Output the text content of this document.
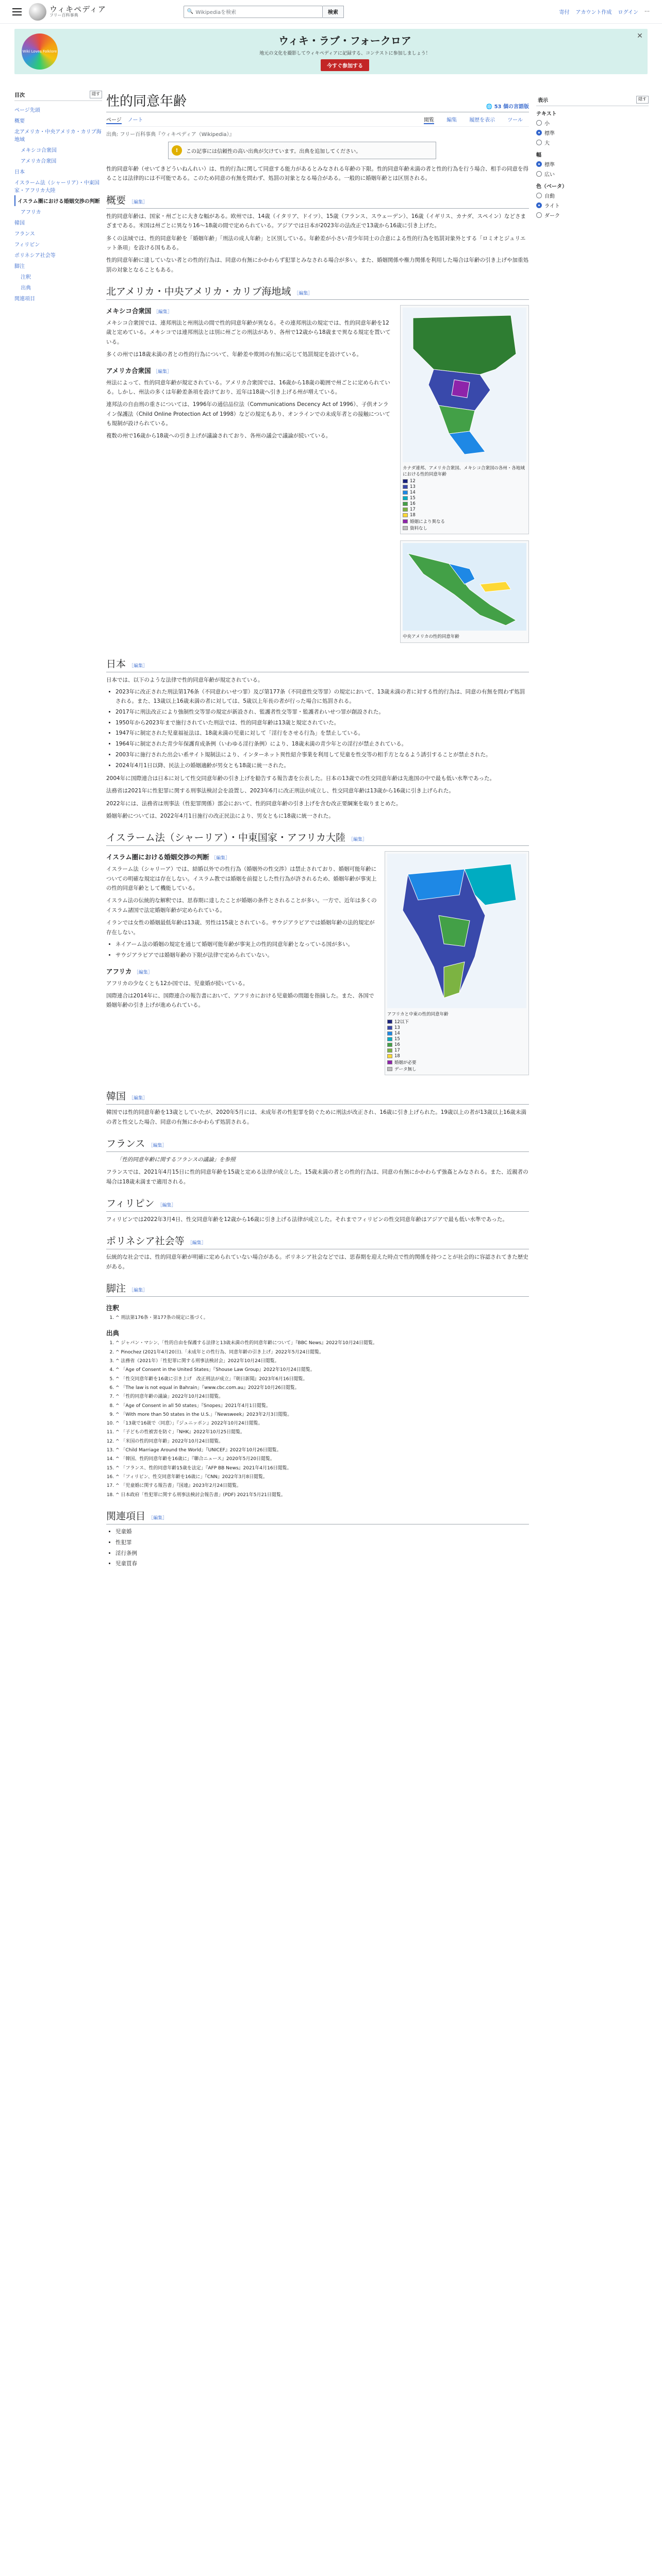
ウィキペディア
フリー百科事典
🔍 Wikipediaを検索	検索	寄付 アカウント作成 ログイン ⋯
Wiki Loves Folklore
ウィキ・ラブ・フォークロア

地元の文化を撮影してウィキペディアに記録する、コンテストに参加しましょう！

今すぐ参加する
✕
目次	隠す
ページ先頭
概要
北アメリカ・中央アメリカ・カリブ海地域
メキシコ合衆国
アメリカ合衆国
日本
イスラーム法（シャーリア）・中東国家・アフリカ大陸
イスラム圏における婚姻交渉の判断
アフリカ
韓国
フランス
フィリピン
ポリネシア社会等
脚注
注釈
出典
関連項目
性的同意年齢	🌐 53 個の言語版
ページ ノート	閲覧 編集 履歴を表示 ツール
出典: フリー百科事典『ウィキペディア（Wikipedia）』
!	この記事には信頼性の高い出典が欠けています。出典を追加してください。

性的同意年齢（せいてきどういねんれい）は、性的行為に関して同意する能力があるとみなされる年齢の下限。性的同意年齢未満の者と性的行為を行う場合、相手の同意を得ることは法律的には不可能である。このため同意の有無を問わず、処罰の対象となる場合がある。一般的に婚姻年齢とは区別される。

概要 ［編集］

性的同意年齢は、国家・州ごとに大きな幅がある。欧州では、14歳（イタリア、ドイツ）、15歳（フランス、スウェーデン）、16歳（イギリス、カナダ、スペイン）などさまざまである。米国は州ごとに異なり16〜18歳の間で定められている。アジアでは日本が2023年の法改正で13歳から16歳に引き上げた。

多くの法域では、性的同意年齢を「婚姻年齢」「刑法の成人年齢」と区別している。年齢差が小さい青少年同士の合意による性的行為を処罰対象外とする「ロミオとジュリエット条項」を設ける国もある。

性的同意年齢に達していない者との性的行為は、同意の有無にかかわらず犯罪とみなされる場合が多い。また、婚姻関係や権力関係を利用した場合は年齢の引き上げや加重処罰の対象となることもある。

北アメリカ・中央アメリカ・カリブ海地域 ［編集］
カナダ連邦、アメリカ合衆国、メキシコ合衆国の各州・各地域における性的同意年齢
12
13
14
15
16
17
18
婚姻により異なる
資料なし
メキシコ合衆国 ［編集］

メキシコ合衆国では、連邦刑法と州刑法の間で性的同意年齢が異なる。その連邦刑法の規定では、性的同意年齢を12歳と定めている。メキシコでは連邦刑法とは別に州ごとの刑法があり、各州で12歳から18歳まで異なる規定を置いている。

多くの州では18歳未満の者との性的行為について、年齢差や欺罔の有無に応じて処罰規定を設けている。

アメリカ合衆国 ［編集］

州法によって、性的同意年齢が規定されている。アメリカ合衆国では、16歳から18歳の範囲で州ごとに定められている。しかし、州法の多くは年齢差条項を設けており、近年は18歳へ引き上げる州が増えている。

連邦法の自由刑の重さについては、1996年の通信品位法（Communications Decency Act of 1996）、子供オンライン保護法（Child Online Protection Act of 1998）などの規定もあり、オンラインでの未成年者との接触についても規制が設けられている。

複数の州で16歳から18歳への引き上げが議論されており、各州の議会で議論が続いている。

中央アメリカの性的同意年齢
日本 ［編集］

日本では、以下のような法律で性的同意年齢が規定されている。

• 2023年に改正された刑法第176条（不同意わいせつ罪）及び第177条（不同意性交等罪）の規定において、13歳未満の者に対する性的行為は、同意の有無を問わず処罰される。また、13歳以上16歳未満の者に対しては、5歳以上年長の者が行った場合に処罰される。
• 2017年に刑法改正により強制性交等罪の規定が新設され、監護者性交等罪・監護者わいせつ罪が創設された。
• 1950年から2023年まで施行されていた刑法では、性的同意年齢は13歳と規定されていた。
• 1947年に制定された児童福祉法は、18歳未満の児童に対して「淫行をさせる行為」を禁止している。
• 1964年に制定された青少年保護育成条例（いわゆる淫行条例）により、18歳未満の青少年との淫行が禁止されている。
• 2003年に施行された出会い系サイト規制法により、インターネット異性紹介事業を利用して児童を性交等の相手方となるよう誘引することが禁止された。
• 2024年4月1日以降、民法上の婚姻適齢が男女とも18歳に統一された。

2004年に国際連合は日本に対して性交同意年齢の引き上げを勧告する報告書を公表した。日本の13歳での性交同意年齢は先進国の中で最も低い水準であった。

法務省は2021年に性犯罪に関する刑事法検討会を設置し、2023年6月に改正刑法が成立し、性交同意年齢は13歳から16歳に引き上げられた。

2022年には、法務省は刑事法（性犯罪関係）部会において、性的同意年齢の引き上げを含む改正要綱案を取りまとめた。

婚姻年齢については、2022年4月1日施行の改正民法により、男女ともに18歳に統一された。

イスラーム法（シャーリア）・中東国家・アフリカ大陸 ［編集］
アフリカと中東の性的同意年齢
12以下
13
14
15
16
17
18
婚姻が必要
データ無し
イスラム圏における婚姻交渉の判断 ［編集］

イスラーム法（シャリーア）では、結婚以外での性行為（婚姻外の性交渉）は禁止されており、婚姻可能年齢についての明確な規定は存在しない。イスラム教では婚姻を前提とした性行為が許されるため、婚姻年齢が事実上の性的同意年齢として機能している。

イスラム法の伝統的な解釈では、思春期に達したことが婚姻の条件とされることが多い。一方で、近年は多くのイスラム諸国で法定婚姻年齢が定められている。

イランでは女性の婚姻最低年齢は13歳、男性は15歳とされている。サウジアラビアでは婚姻年齢の法的規定が存在しない。

• ネイアーム法の婚姻の規定を通じて婚姻可能年齢が事実上の性的同意年齢となっている国が多い。
• サウジアラビアでは婚姻年齢の下限が法律で定められていない。
アフリカ ［編集］

アフリカの少なくとも12か国では、児童婚が続いている。

国際連合は2014年に、国際連合の報告書において、アフリカにおける児童婚の問題を指摘した。また、各国で婚姻年齢の引き上げが進められている。

韓国 ［編集］

韓国では性的同意年齢を13歳としていたが、2020年5月には、未成年者の性犯罪を防ぐために刑法が改正され、16歳に引き上げられた。19歳以上の者が13歳以上16歳未満の者と性交した場合、同意の有無にかかわらず処罰される。

フランス ［編集］

「性的同意年齢に関するフランスの議論」を参照

フランスでは、2021年4月15日に性的同意年齢を15歳と定める法律が成立した。15歳未満の者との性的行為は、同意の有無にかかわらず強姦とみなされる。また、近親者の場合は18歳未満まで適用される。

フィリピン ［編集］

フィリピンでは2022年3月4日、性交同意年齢を12歳から16歳に引き上げる法律が成立した。それまでフィリピンの性交同意年齢はアジアで最も低い水準であった。

ポリネシア社会等 ［編集］

伝統的な社会では、性的同意年齢が明確に定められていない場合がある。ポリネシア社会などでは、思春期を迎えた時点で性的関係を持つことが社会的に容認されてきた歴史がある。

脚注 ［編集］
注釈
1. ^ 刑法第176条・第177条の規定に基づく。
出典
1. ^ ジャパン・マシン、「性的自由を保護する法律と13歳未満の性的同意年齢について」『BBC News』2022年10月24日閲覧。
2. ^ Pinochez (2021年4月20日).「未成年との性行為、同意年齢の引き上げ」2022年5月24日閲覧。
3. ^ 法務省（2021年）「性犯罪に関する刑事法検討会」2022年10月24日閲覧。
4. ^ 「Age of Consent in the United States」『Shouse Law Group』2022年10月24日閲覧。
5. ^ 「性交同意年齢を16歳に引き上げ　改正刑法が成立」『朝日新聞』2023年6月16日閲覧。
6. ^ 「The law is not equal in Bahrain」『www.cbc.com.au』2022年10月26日閲覧。
7. ^ 「性的同意年齢の議論」2022年10月24日閲覧。
8. ^ 「Age of Consent in all 50 states」『Snopes』2021年4月1日閲覧。
9. ^ 「With more than 50 states in the U.S.」『Newsweek』2023年2月3日閲覧。
10. ^ 「13歳で16歳で〈同意〉」『ジュニッポン』2022年10月24日閲覧。
11. ^ 「子どもの性被害を防ぐ」『NHK』2022年10月25日閲覧。
12. ^ 「米国の性的同意年齢」2022年10月24日閲覧。
13. ^ 「Child Marriage Around the World」『UNICEF』2022年10月26日閲覧。
14. ^ 「韓国、性的同意年齢を16歳に」『聯合ニュース』2020年5月20日閲覧。
15. ^ 「フランス、性的同意年齢15歳を法定」『AFP BB News』2021年4月16日閲覧。
16. ^ 「フィリピン、性交同意年齢を16歳に」『CNN』2022年3月8日閲覧。
17. ^ 「児童婚に関する報告書」『国連』2023年2月24日閲覧。
18. ^ 日本政府「性犯罪に関する刑事法検討会報告書」(PDF) 2021年5月21日閲覧。
関連項目 ［編集］
• 児童婚
• 性犯罪
• 淫行条例
• 児童買春
表示	隠す
テキスト
小
標準
大
幅
標準
広い
色（ベータ）
自動
ライト
ダーク
